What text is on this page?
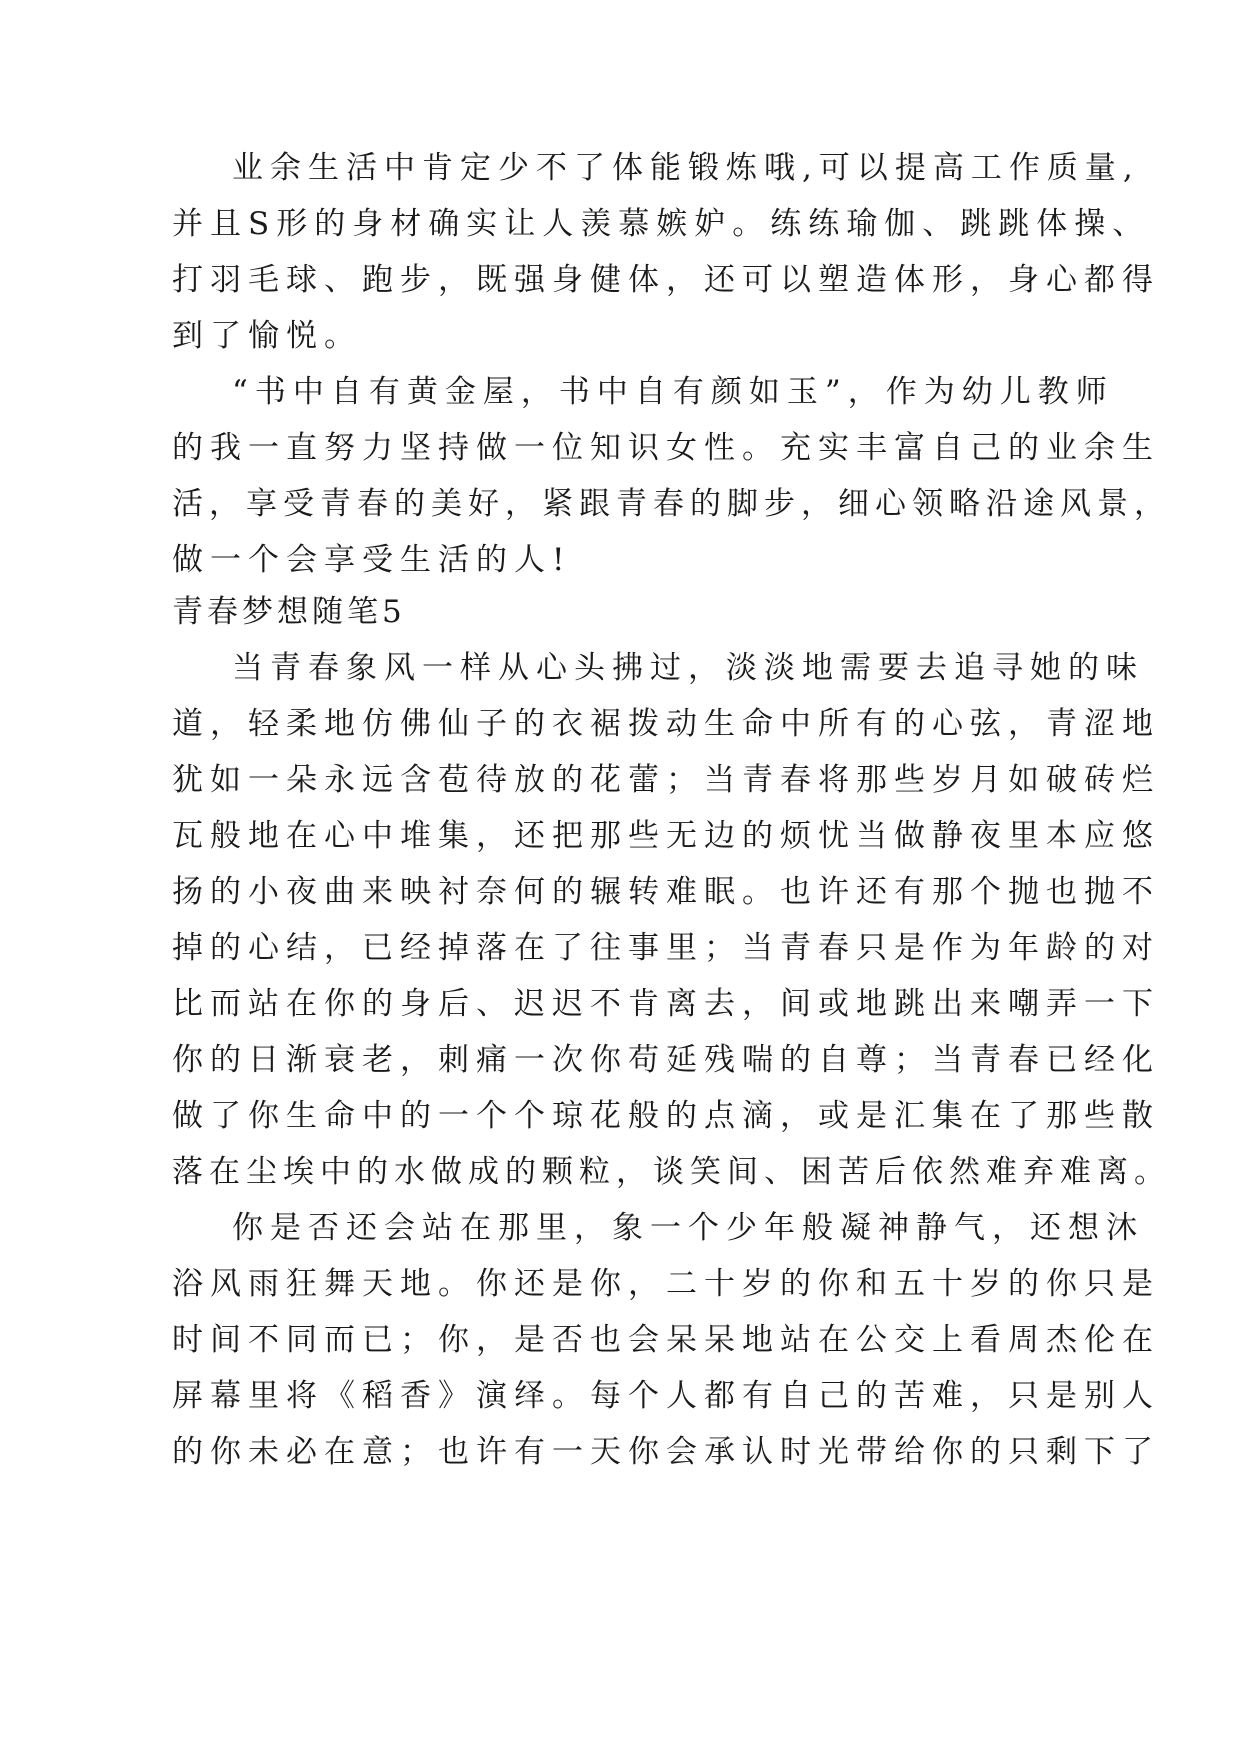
业余生活中肯定少不了体能锻炼哦,可以提高工作质量,
并且S形的身材确实让人羡慕嫉妒。练练瑜伽、跳跳体操、
打羽毛球、跑步，既强身健体，还可以塑造体形，身心都得
到了愉悦。
“书中自有黄金屋，书中自有颜如玉”，作为幼儿教师
的我一直努力坚持做一位知识女性。充实丰富自己的业余生
活，享受青春的美好，紧跟青春的脚步，细心领略沿途风景，
做一个会享受生活的人!
青春梦想随笔5
当青春象风一样从心头拂过，淡淡地需要去追寻她的味
道，轻柔地仿佛仙子的衣裾拨动生命中所有的心弦，青涩地
犹如一朵永远含苞待放的花蕾；当青春将那些岁月如破砖烂
瓦般地在心中堆集，还把那些无边的烦忧当做静夜里本应悠
扬的小夜曲来映衬奈何的辗转难眠。也许还有那个抛也抛不
掉的心结，已经掉落在了往事里；当青春只是作为年龄的对
比而站在你的身后、迟迟不肯离去，间或地跳出来嘲弄一下
你的日渐衰老，刺痛一次你苟延残喘的自尊；当青春已经化
做了你生命中的一个个琼花般的点滴，或是汇集在了那些散
落在尘埃中的水做成的颗粒，谈笑间、困苦后依然难弃难离。
你是否还会站在那里，象一个少年般凝神静气，还想沐
浴风雨狂舞天地。你还是你，二十岁的你和五十岁的你只是
时间不同而已；你，是否也会呆呆地站在公交上看周杰伦在
屏幕里将《稻香》演绎。每个人都有自己的苦难，只是别人
的你未必在意；也许有一天你会承认时光带给你的只剩下了
